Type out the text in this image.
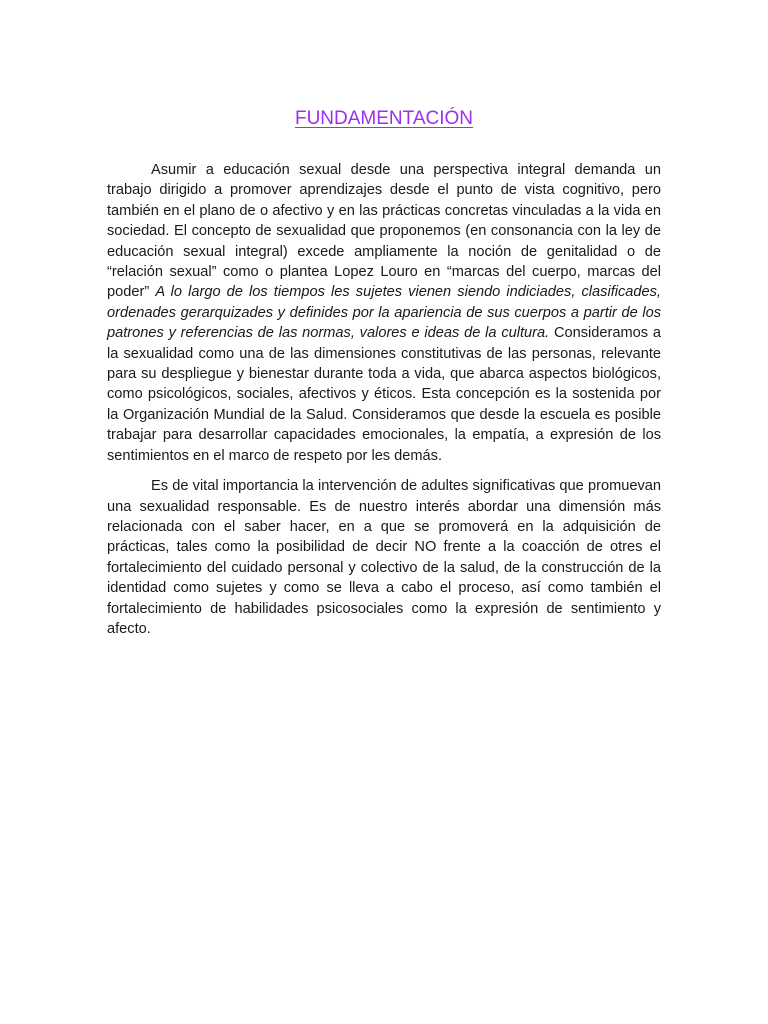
FUNDAMENTACIÓN

Asumir a educación sexual desde una perspectiva integral demanda un trabajo dirigido a promover aprendizajes desde el punto de vista cognitivo, pero también en el plano de o afectivo y en las prácticas concretas vinculadas a la vida en sociedad. El concepto de sexualidad que proponemos (en consonancia con la ley de educación sexual integral) excede ampliamente la noción de genitalidad o de “relación sexual” como o plantea Lopez Louro en “marcas del cuerpo, marcas del poder” A lo largo de los tiempos les sujetes vienen siendo indiciades, clasificades, ordenades gerarquizades y definides por la apariencia de sus cuerpos a partir de los patrones y referencias de las normas, valores e ideas de la cultura. Consideramos a la sexualidad como una de las dimensiones constitutivas de las personas, relevante para su despliegue y bienestar durante toda a vida, que abarca aspectos biológicos, como psicológicos, sociales, afectivos y éticos. Esta concepción es la sostenida por la Organización Mundial de la Salud. Consideramos que desde la escuela es posible trabajar para desarrollar capacidades emocionales, la empatía, a expresión de los sentimientos en el marco de respeto por les demás.

Es de vital importancia la intervención de adultes significativas que promuevan una sexualidad responsable. Es de nuestro interés abordar una dimensión más relacionada con el saber hacer, en a que se promoverá en la adquisición de prácticas, tales como la posibilidad de decir NO frente a la coacción de otres el fortalecimiento del cuidado personal y colectivo de la salud, de la construcción de la identidad como sujetes y como se lleva a cabo el proceso, así como también el fortalecimiento de habilidades psicosociales como la expresión de sentimiento y afecto.
